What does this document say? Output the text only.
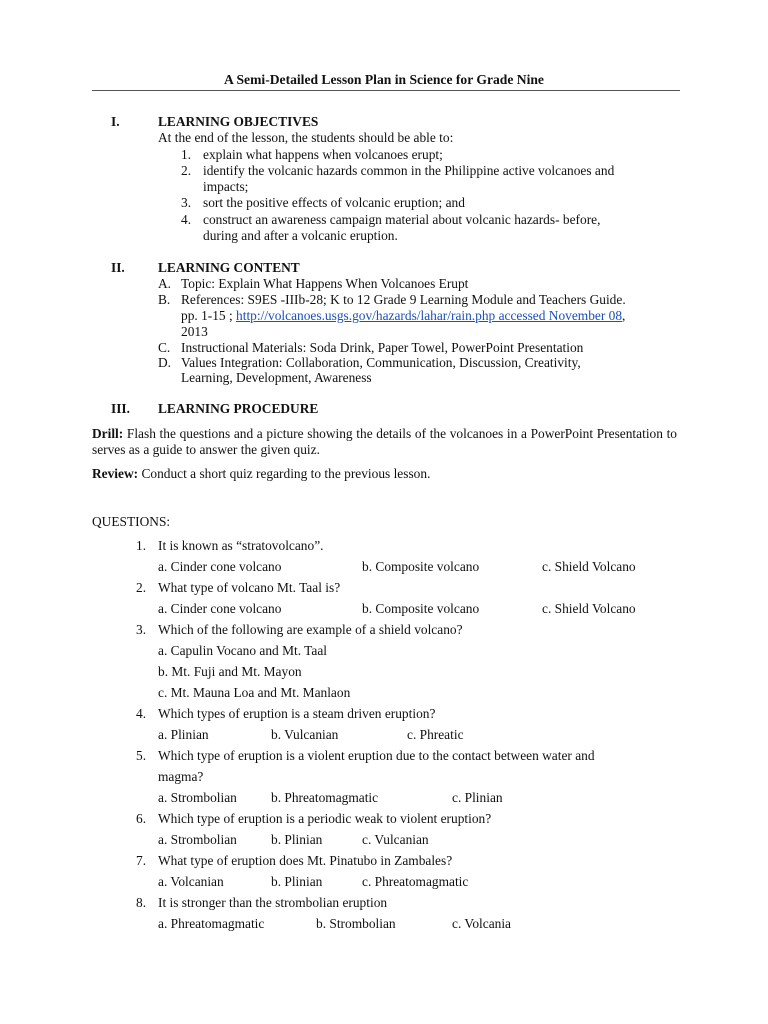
A Semi-Detailed Lesson Plan in Science for Grade Nine
I.	LEARNING OBJECTIVES
At the end of the lesson, the students should be able to:
1. explain what happens when volcanoes erupt;
2. identify the volcanic hazards common in the Philippine active volcanoes and
impacts;
3. sort the positive effects of volcanic eruption; and
4. construct an awareness campaign material about volcanic hazards- before,
during and after a volcanic eruption.
II. LEARNING CONTENT
A. Topic: Explain What Happens When Volcanoes Erupt
B. References: S9ES -IIIb-28; K to 12 Grade 9 Learning Module and Teachers Guide.
pp. 1-15 ; http://volcanoes.usgs.gov/hazards/lahar/rain.php accessed November 08,
2013
C. Instructional Materials: Soda Drink, Paper Towel, PowerPoint Presentation
D. Values Integration: Collaboration, Communication, Discussion, Creativity,
Learning, Development, Awareness
III. LEARNING PROCEDURE
Drill: Flash the questions and a picture showing the details of the volcanoes in a PowerPoint Presentation to serves as a guide to answer the given quiz.
Review: Conduct a short quiz regarding to the previous lesson.
QUESTIONS:
1. It is known as “stratovolcano”.
a. Cinder cone volcano	b. Composite volcano	c. Shield Volcano
2. What type of volcano Mt. Taal is?
a. Cinder cone volcano	b. Composite volcano	c. Shield Volcano
3. Which of the following are example of a shield volcano?
a. Capulin Vocano and Mt. Taal
b. Mt. Fuji and Mt. Mayon
c. Mt. Mauna Loa and Mt. Manlaon
4. Which types of eruption is a steam driven eruption?
a. Plinian	b. Vulcanian	c. Phreatic
5. Which type of eruption is a violent eruption due to the contact between water and
magma?
a. Strombolian	b. Phreatomagmatic	c. Plinian
6. Which type of eruption is a periodic weak to violent eruption?
a. Strombolian	b. Plinian	c. Vulcanian
7. What type of eruption does Mt. Pinatubo in Zambales?
a. Volcanian	b. Plinian	c. Phreatomagmatic
8. It is stronger than the strombolian eruption
a. Phreatomagmatic	b. Strombolian	c. Volcania
